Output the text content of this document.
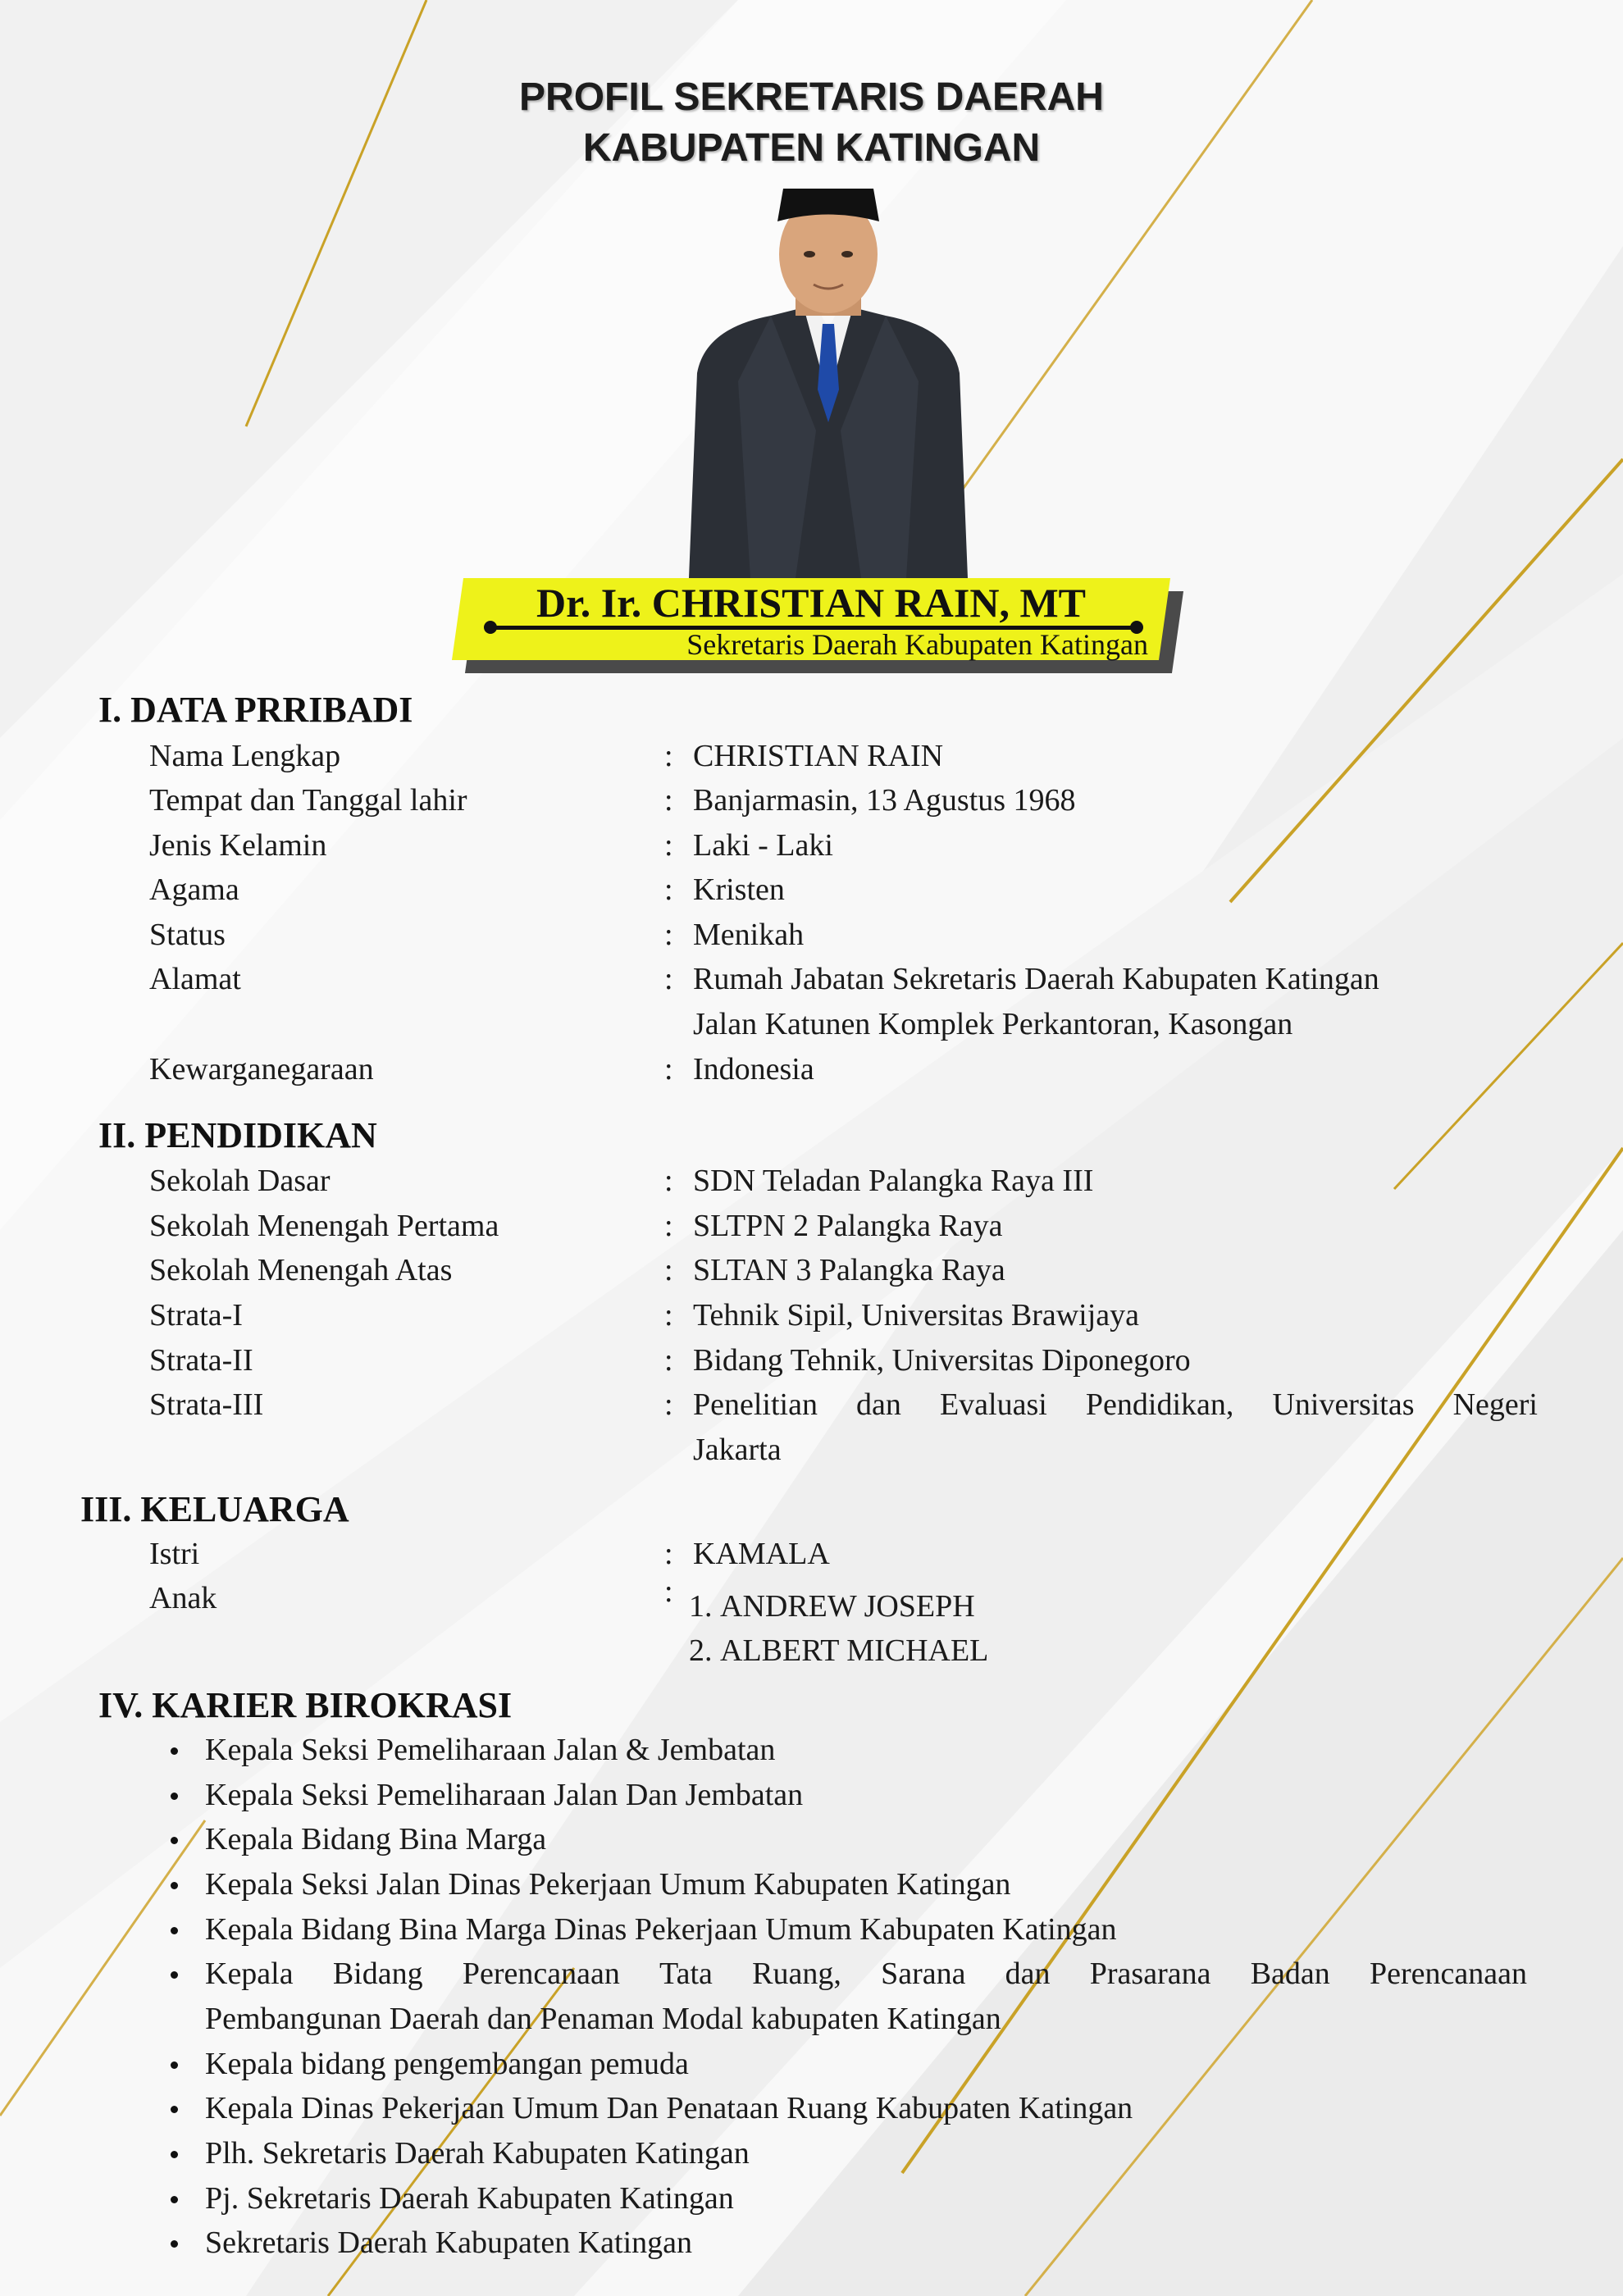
PROFIL SEKRETARIS DAERAH
KABUPATEN KATINGAN
Dr. Ir. CHRISTIAN RAIN, MT
Sekretaris Daerah Kabupaten Katingan
I. DATA PRRIBADI
Nama Lengkap	: CHRISTIAN RAIN
Tempat dan Tanggal lahir	: Banjarmasin, 13 Agustus 1968
Jenis Kelamin	: Laki - Laki
Agama	: Kristen
Status	: Menikah
Alamat	: Rumah Jabatan Sekretaris Daerah Kabupaten Katingan
Jalan Katunen Komplek Perkantoran, Kasongan
Kewarganegaraan	: Indonesia
II. PENDIDIKAN
Sekolah Dasar	: SDN Teladan Palangka Raya III
Sekolah Menengah Pertama	: SLTPN 2 Palangka Raya
Sekolah Menengah Atas	: SLTAN 3 Palangka Raya
Strata-I	: Tehnik Sipil, Universitas Brawijaya
Strata-II	: Bidang Tehnik, Universitas Diponegoro
Strata-III	: Penelitian dan Evaluasi Pendidikan, Universitas Negeri
Jakarta
III. KELUARGA
Istri	: KAMALA
Anak	: 1. ANDREW JOSEPH
2. ALBERT MICHAEL
IV. KARIER BIROKRASI
Kepala Seksi Pemeliharaan Jalan & Jembatan
Kepala Seksi Pemeliharaan Jalan Dan Jembatan
Kepala Bidang Bina Marga
Kepala Seksi Jalan Dinas Pekerjaan Umum Kabupaten Katingan
Kepala Bidang Bina Marga Dinas Pekerjaan Umum Kabupaten Katingan
Kepala Bidang Perencanaan Tata Ruang, Sarana dan Prasarana Badan Perencanaan
Pembangunan Daerah dan Penaman Modal kabupaten Katingan
Kepala bidang pengembangan pemuda
Kepala Dinas Pekerjaan Umum Dan Penataan Ruang Kabupaten Katingan
Plh. Sekretaris Daerah Kabupaten Katingan
Pj. Sekretaris Daerah Kabupaten Katingan
Sekretaris Daerah Kabupaten Katingan
